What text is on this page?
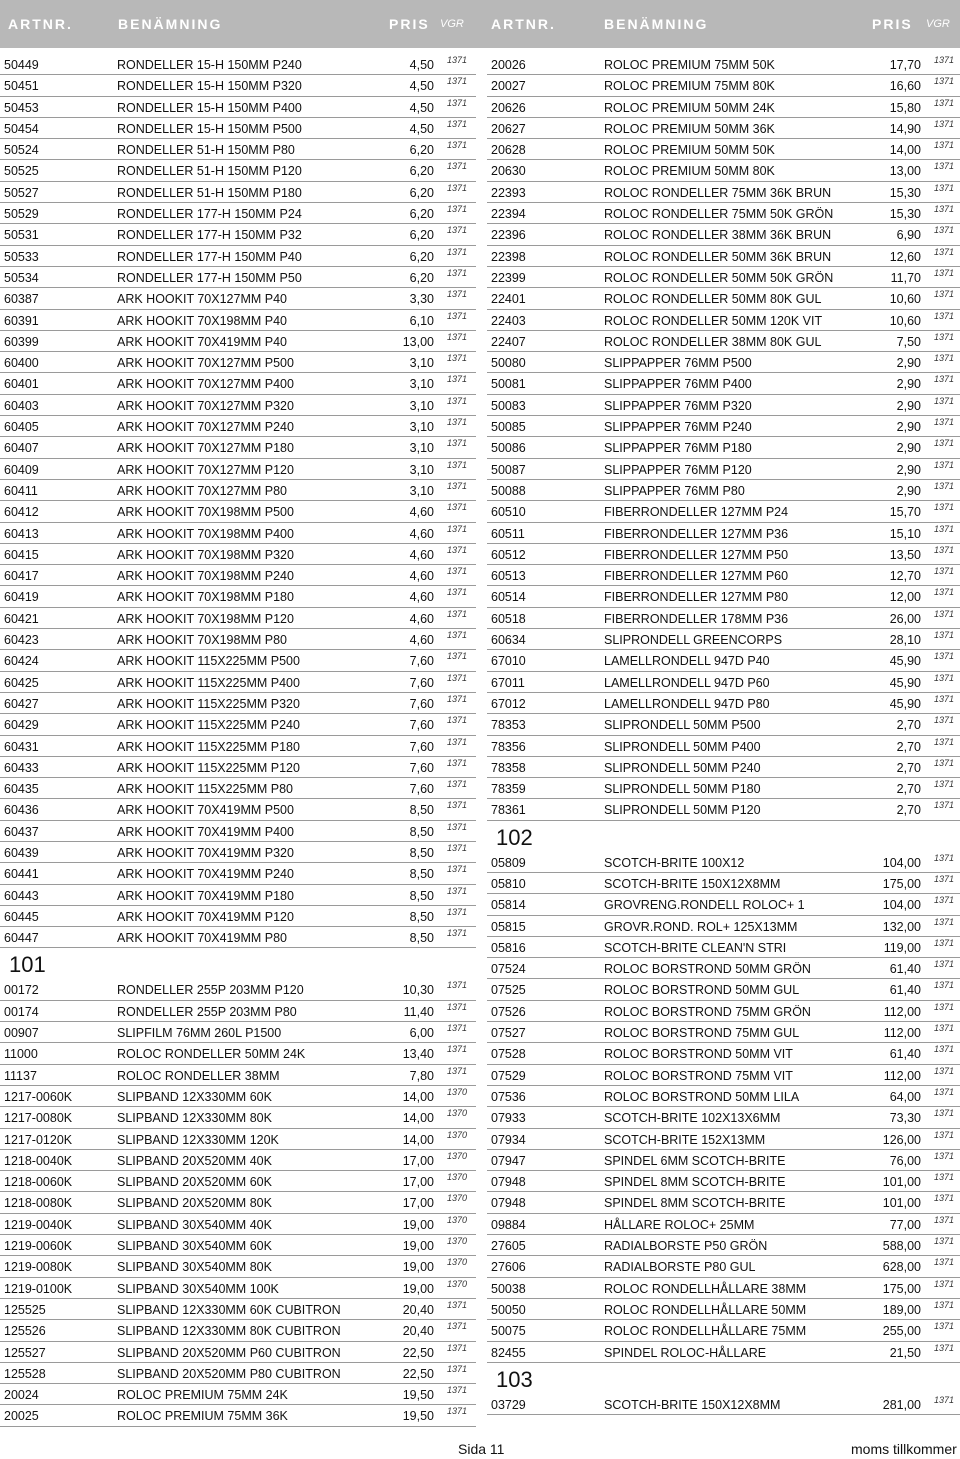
ARTNR.	BENÄMNING	PRIS VGR ARTNR.	BENÄMNING	PRIS VGR
50449	RONDELLER 15-H 150MM P240	4,50 1371
50451	RONDELLER 15-H 150MM P320	4,50 1371
50453	RONDELLER 15-H 150MM P400	4,50 1371
50454	RONDELLER 15-H 150MM P500	4,50 1371
50524	RONDELLER 51-H 150MM P80	6,20 1371
50525	RONDELLER 51-H 150MM P120	6,20 1371
50527	RONDELLER 51-H 150MM P180	6,20 1371
50529	RONDELLER 177-H 150MM P24	6,20 1371
50531	RONDELLER 177-H 150MM P32	6,20 1371
50533	RONDELLER 177-H 150MM P40	6,20 1371
50534	RONDELLER 177-H 150MM P50	6,20 1371
60387	ARK HOOKIT 70X127MM P40	3,30 1371
60391	ARK HOOKIT 70X198MM P40	6,10 1371
60399	ARK HOOKIT 70X419MM P40	13,00 1371
60400	ARK HOOKIT 70X127MM P500	3,10 1371
60401	ARK HOOKIT 70X127MM P400	3,10 1371
60403	ARK HOOKIT 70X127MM P320	3,10 1371
60405	ARK HOOKIT 70X127MM P240	3,10 1371
60407	ARK HOOKIT 70X127MM P180	3,10 1371
60409	ARK HOOKIT 70X127MM P120	3,10 1371
60411	ARK HOOKIT 70X127MM P80	3,10 1371
60412	ARK HOOKIT 70X198MM P500	4,60 1371
60413	ARK HOOKIT 70X198MM P400	4,60 1371
60415	ARK HOOKIT 70X198MM P320	4,60 1371
60417	ARK HOOKIT 70X198MM P240	4,60 1371
60419	ARK HOOKIT 70X198MM P180	4,60 1371
60421	ARK HOOKIT 70X198MM P120	4,60 1371
60423	ARK HOOKIT 70X198MM P80	4,60 1371
60424	ARK HOOKIT 115X225MM P500	7,60 1371
60425	ARK HOOKIT 115X225MM P400	7,60 1371
60427	ARK HOOKIT 115X225MM P320	7,60 1371
60429	ARK HOOKIT 115X225MM P240	7,60 1371
60431	ARK HOOKIT 115X225MM P180	7,60 1371
60433	ARK HOOKIT 115X225MM P120	7,60 1371
60435	ARK HOOKIT 115X225MM P80	7,60 1371
60436	ARK HOOKIT 70X419MM P500	8,50 1371
60437	ARK HOOKIT 70X419MM P400	8,50 1371
60439	ARK HOOKIT 70X419MM P320	8,50 1371
60441	ARK HOOKIT 70X419MM P240	8,50 1371
60443	ARK HOOKIT 70X419MM P180	8,50 1371
60445	ARK HOOKIT 70X419MM P120	8,50 1371
60447	ARK HOOKIT 70X419MM P80	8,50 1371
101
00172	RONDELLER 255P 203MM P120	10,30 1371
00174	RONDELLER 255P 203MM P80	11,40 1371
00907	SLIPFILM 76MM 260L P1500	6,00 1371
11000	ROLOC RONDELLER 50MM 24K	13,40 1371
11137	ROLOC RONDELLER 38MM	7,80 1371
1217-0060K	SLIPBAND 12X330MM 60K	14,00 1370
1217-0080K	SLIPBAND 12X330MM 80K	14,00 1370
1217-0120K	SLIPBAND 12X330MM 120K	14,00 1370
1218-0040K	SLIPBAND 20X520MM 40K	17,00 1370
1218-0060K	SLIPBAND 20X520MM 60K	17,00 1370
1218-0080K	SLIPBAND 20X520MM 80K	17,00 1370
1219-0040K	SLIPBAND 30X540MM 40K	19,00 1370
1219-0060K	SLIPBAND 30X540MM 60K	19,00 1370
1219-0080K	SLIPBAND 30X540MM 80K	19,00 1370
1219-0100K	SLIPBAND 30X540MM 100K	19,00 1370
125525	SLIPBAND 12X330MM 60K CUBITRON	20,40 1371
125526	SLIPBAND 12X330MM 80K CUBITRON	20,40 1371
125527	SLIPBAND 20X520MM P60 CUBITRON	22,50 1371
125528	SLIPBAND 20X520MM P80 CUBITRON	22,50 1371
20024	ROLOC PREMIUM 75MM 24K	19,50 1371
20025	ROLOC PREMIUM 75MM 36K	19,50 1371
20026	ROLOC PREMIUM 75MM 50K	17,70 1371
20027	ROLOC PREMIUM 75MM 80K	16,60 1371
20626	ROLOC PREMIUM 50MM 24K	15,80 1371
20627	ROLOC PREMIUM 50MM 36K	14,90 1371
20628	ROLOC PREMIUM 50MM 50K	14,00 1371
20630	ROLOC PREMIUM 50MM 80K	13,00 1371
22393	ROLOC RONDELLER 75MM 36K BRUN	15,30 1371
22394	ROLOC RONDELLER 75MM 50K GRÖN	15,30 1371
22396	ROLOC RONDELLER 38MM 36K BRUN	6,90 1371
22398	ROLOC RONDELLER 50MM 36K BRUN	12,60 1371
22399	ROLOC RONDELLER 50MM 50K GRÖN	11,70 1371
22401	ROLOC RONDELLER 50MM 80K GUL	10,60 1371
22403	ROLOC RONDELLER 50MM 120K VIT	10,60 1371
22407	ROLOC RONDELLER 38MM 80K GUL	7,50 1371
50080	SLIPPAPPER 76MM P500	2,90 1371
50081	SLIPPAPPER 76MM P400	2,90 1371
50083	SLIPPAPPER 76MM P320	2,90 1371
50085	SLIPPAPPER 76MM P240	2,90 1371
50086	SLIPPAPPER 76MM P180	2,90 1371
50087	SLIPPAPPER 76MM P120	2,90 1371
50088	SLIPPAPPER 76MM P80	2,90 1371
60510	FIBERRONDELLER 127MM P24	15,70 1371
60511	FIBERRONDELLER 127MM P36	15,10 1371
60512	FIBERRONDELLER 127MM P50	13,50 1371
60513	FIBERRONDELLER 127MM P60	12,70 1371
60514	FIBERRONDELLER 127MM P80	12,00 1371
60518	FIBERRONDELLER 178MM P36	26,00 1371
60634	SLIPRONDELL GREENCORPS	28,10 1371
67010	LAMELLRONDELL 947D P40	45,90 1371
67011	LAMELLRONDELL 947D P60	45,90 1371
67012	LAMELLRONDELL 947D P80	45,90 1371
78353	SLIPRONDELL 50MM P500	2,70 1371
78356	SLIPRONDELL 50MM P400	2,70 1371
78358	SLIPRONDELL 50MM P240	2,70 1371
78359	SLIPRONDELL 50MM P180	2,70 1371
78361	SLIPRONDELL 50MM P120	2,70 1371
102
05809	SCOTCH-BRITE 100X12	104,00 1371
05810	SCOTCH-BRITE 150X12X8MM	175,00 1371
05814	GROVRENG.RONDELL ROLOC+ 1	104,00 1371
05815	GROVR.ROND. ROL+ 125X13MM	132,00 1371
05816	SCOTCH-BRITE CLEAN'N STRI	119,00 1371
07524	ROLOC BORSTROND 50MM GRÖN	61,40 1371
07525	ROLOC BORSTROND 50MM GUL	61,40 1371
07526	ROLOC BORSTROND 75MM GRÖN	112,00 1371
07527	ROLOC BORSTROND 75MM GUL	112,00 1371
07528	ROLOC BORSTROND 50MM VIT	61,40 1371
07529	ROLOC BORSTROND 75MM VIT	112,00 1371
07536	ROLOC BORSTROND 50MM LILA	64,00 1371
07933	SCOTCH-BRITE 102X13X6MM	73,30 1371
07934	SCOTCH-BRITE 152X13MM	126,00 1371
07947	SPINDEL 6MM SCOTCH-BRITE	76,00 1371
07948	SPINDEL 8MM SCOTCH-BRITE	101,00 1371
07948	SPINDEL 8MM SCOTCH-BRITE	101,00 1371
09884	HÅLLARE ROLOC+ 25MM	77,00 1371
27605	RADIALBORSTE P50 GRÖN	588,00 1371
27606	RADIALBORSTE P80 GUL	628,00 1371
50038	ROLOC RONDELLHÅLLARE 38MM	175,00 1371
50050	ROLOC RONDELLHÅLLARE 50MM	189,00 1371
50075	ROLOC RONDELLHÅLLARE 75MM	255,00 1371
82455	SPINDEL ROLOC-HÅLLARE	21,50 1371
103
03729	SCOTCH-BRITE 150X12X8MM	281,00 1371
Sida 11	moms tillkommer
